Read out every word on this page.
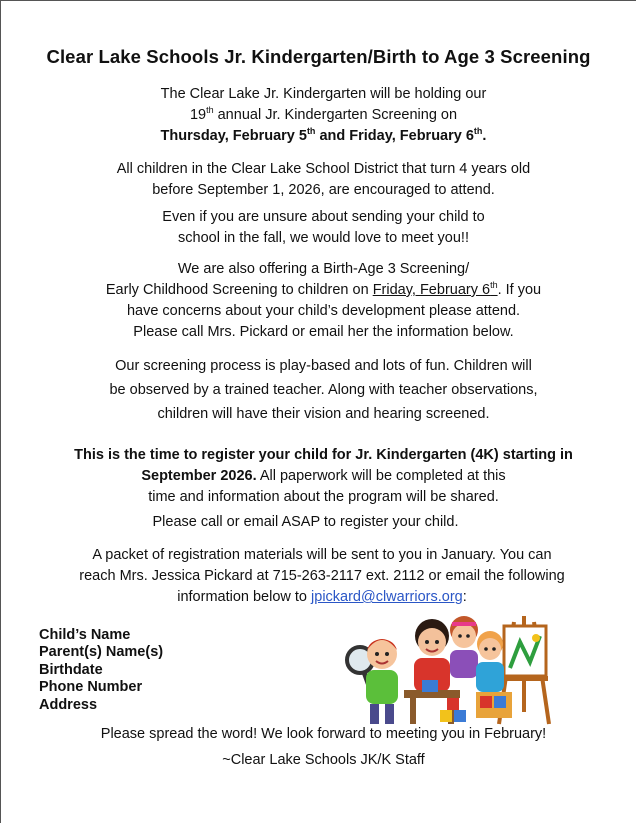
Clear Lake Schools Jr. Kindergarten/Birth to Age 3 Screening
The Clear Lake Jr. Kindergarten will be holding our
19th annual Jr. Kindergarten Screening on
Thursday, February 5th and Friday, February 6th.
All children in the Clear Lake School District that turn 4 years old
before September 1, 2026, are encouraged to attend.
Even if you are unsure about sending your child to
school in the fall, we would love to meet you!!
We are also offering a Birth-Age 3 Screening/
Early Childhood Screening to children on Friday, February 6th. If you
have concerns about your child’s development please attend.
Please call Mrs. Pickard or email her the information below.
Our screening process is play-based and lots of fun. Children will
be observed by a trained teacher. Along with teacher observations,
children will have their vision and hearing screened.
This is the time to register your child for Jr. Kindergarten (4K) starting in
September 2026. All paperwork will be completed at this
time and information about the program will be shared.
Please call or email ASAP to register your child.
A packet of registration materials will be sent to you in January. You can
reach Mrs. Jessica Pickard at 715-263-2117 ext. 2112 or email the following
information below to jpickard@clwarriors.org:
Child’s Name
Parent(s) Name(s)
Birthdate
Phone Number
Address
Please spread the word! We look forward to meeting you in February!
~Clear Lake Schools JK/K Staff
